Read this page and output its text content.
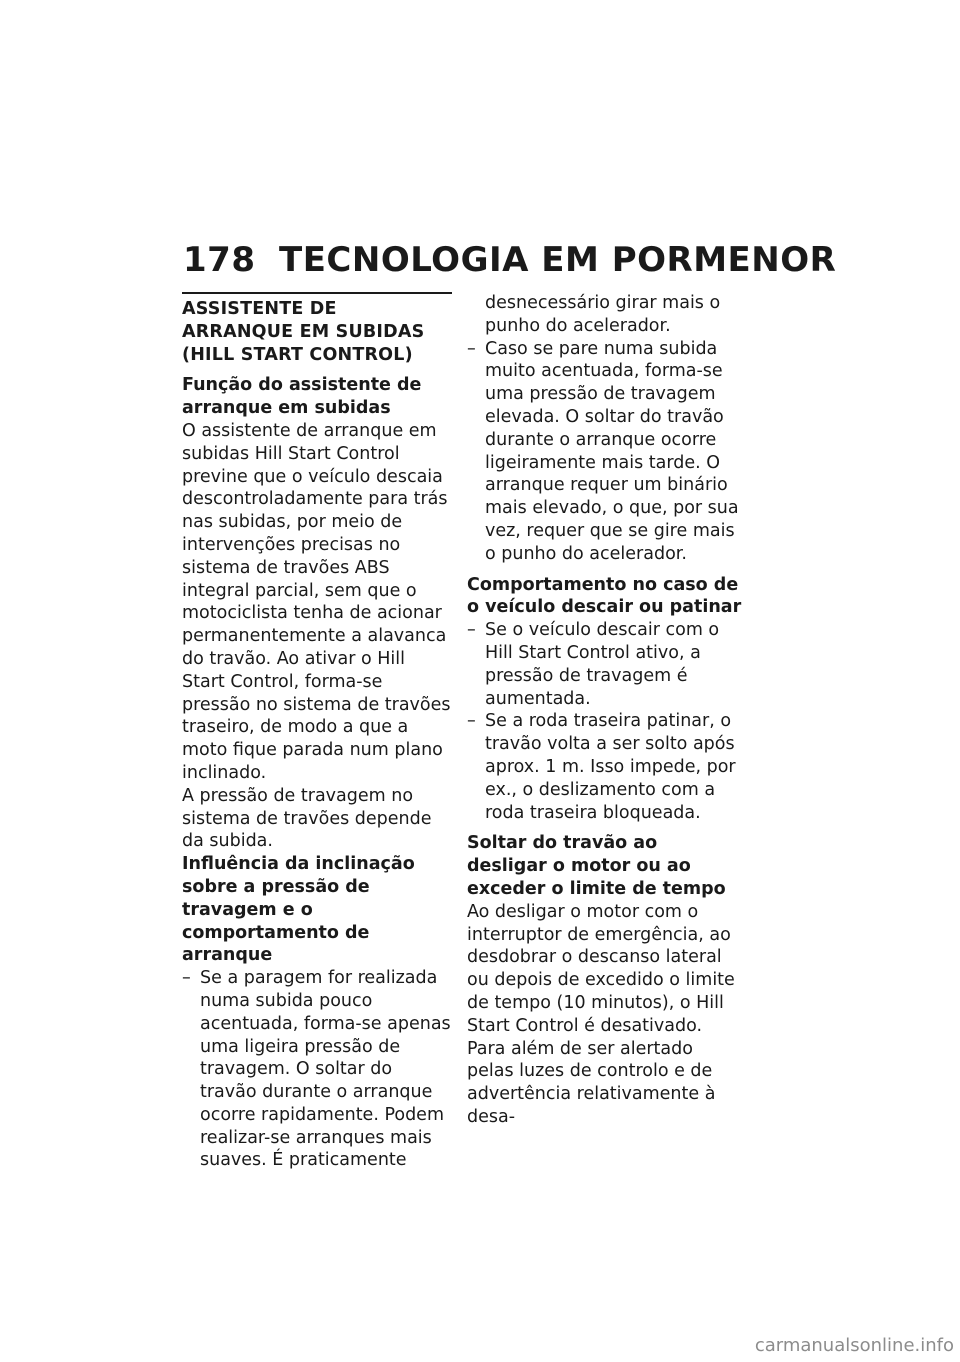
178 TECNOLOGIA EM PORMENOR
ASSISTENTE DE ARRANQUE EM SUBIDAS (HILL START CONTROL)
Função do assistente de arranque em subidas

O assistente de arranque em subidas Hill Start Control previne que o veículo descaia descontroladamente para trás nas subidas, por meio de intervenções precisas no sistema de travões ABS integral parcial, sem que o motociclista tenha de acionar permanentemente a alavanca do travão. Ao ativar o Hill Start Control, forma-se pressão no sistema de travões traseiro, de modo a que a moto fique parada num plano inclinado.

A pressão de travagem no sistema de travões depende da subida.

Influência da inclinação sobre a pressão de travagem e o comportamento de arranque
– Se a paragem for realizada numa subida pouco acentuada, forma-se apenas uma ligeira pressão de travagem. O soltar do travão durante o arranque ocorre rapidamente. Podem realizar-se arranques mais suaves. É praticamente

desnecessário girar mais o punho do acelerador.

– Caso se pare numa subida muito acentuada, forma-se uma pressão de travagem elevada. O soltar do travão durante o arranque ocorre ligeiramente mais tarde. O arranque requer um binário mais elevado, o que, por sua vez, requer que se gire mais o punho do acelerador.
Comportamento no caso de o veículo descair ou patinar
– Se o veículo descair com o Hill Start Control ativo, a pressão de travagem é aumentada.
– Se a roda traseira patinar, o travão volta a ser solto após aprox. 1 m. Isso impede, por ex., o deslizamento com a roda traseira bloqueada.
Soltar do travão ao desligar o motor ou ao exceder o limite de tempo

Ao desligar o motor com o interruptor de emergência, ao desdobrar o descanso lateral ou depois de excedido o limite de tempo (10 minutos), o Hill Start Control é desativado.

Para além de ser alertado pelas luzes de controlo e de advertência relativamente à desa-

carmanualsonline.info
